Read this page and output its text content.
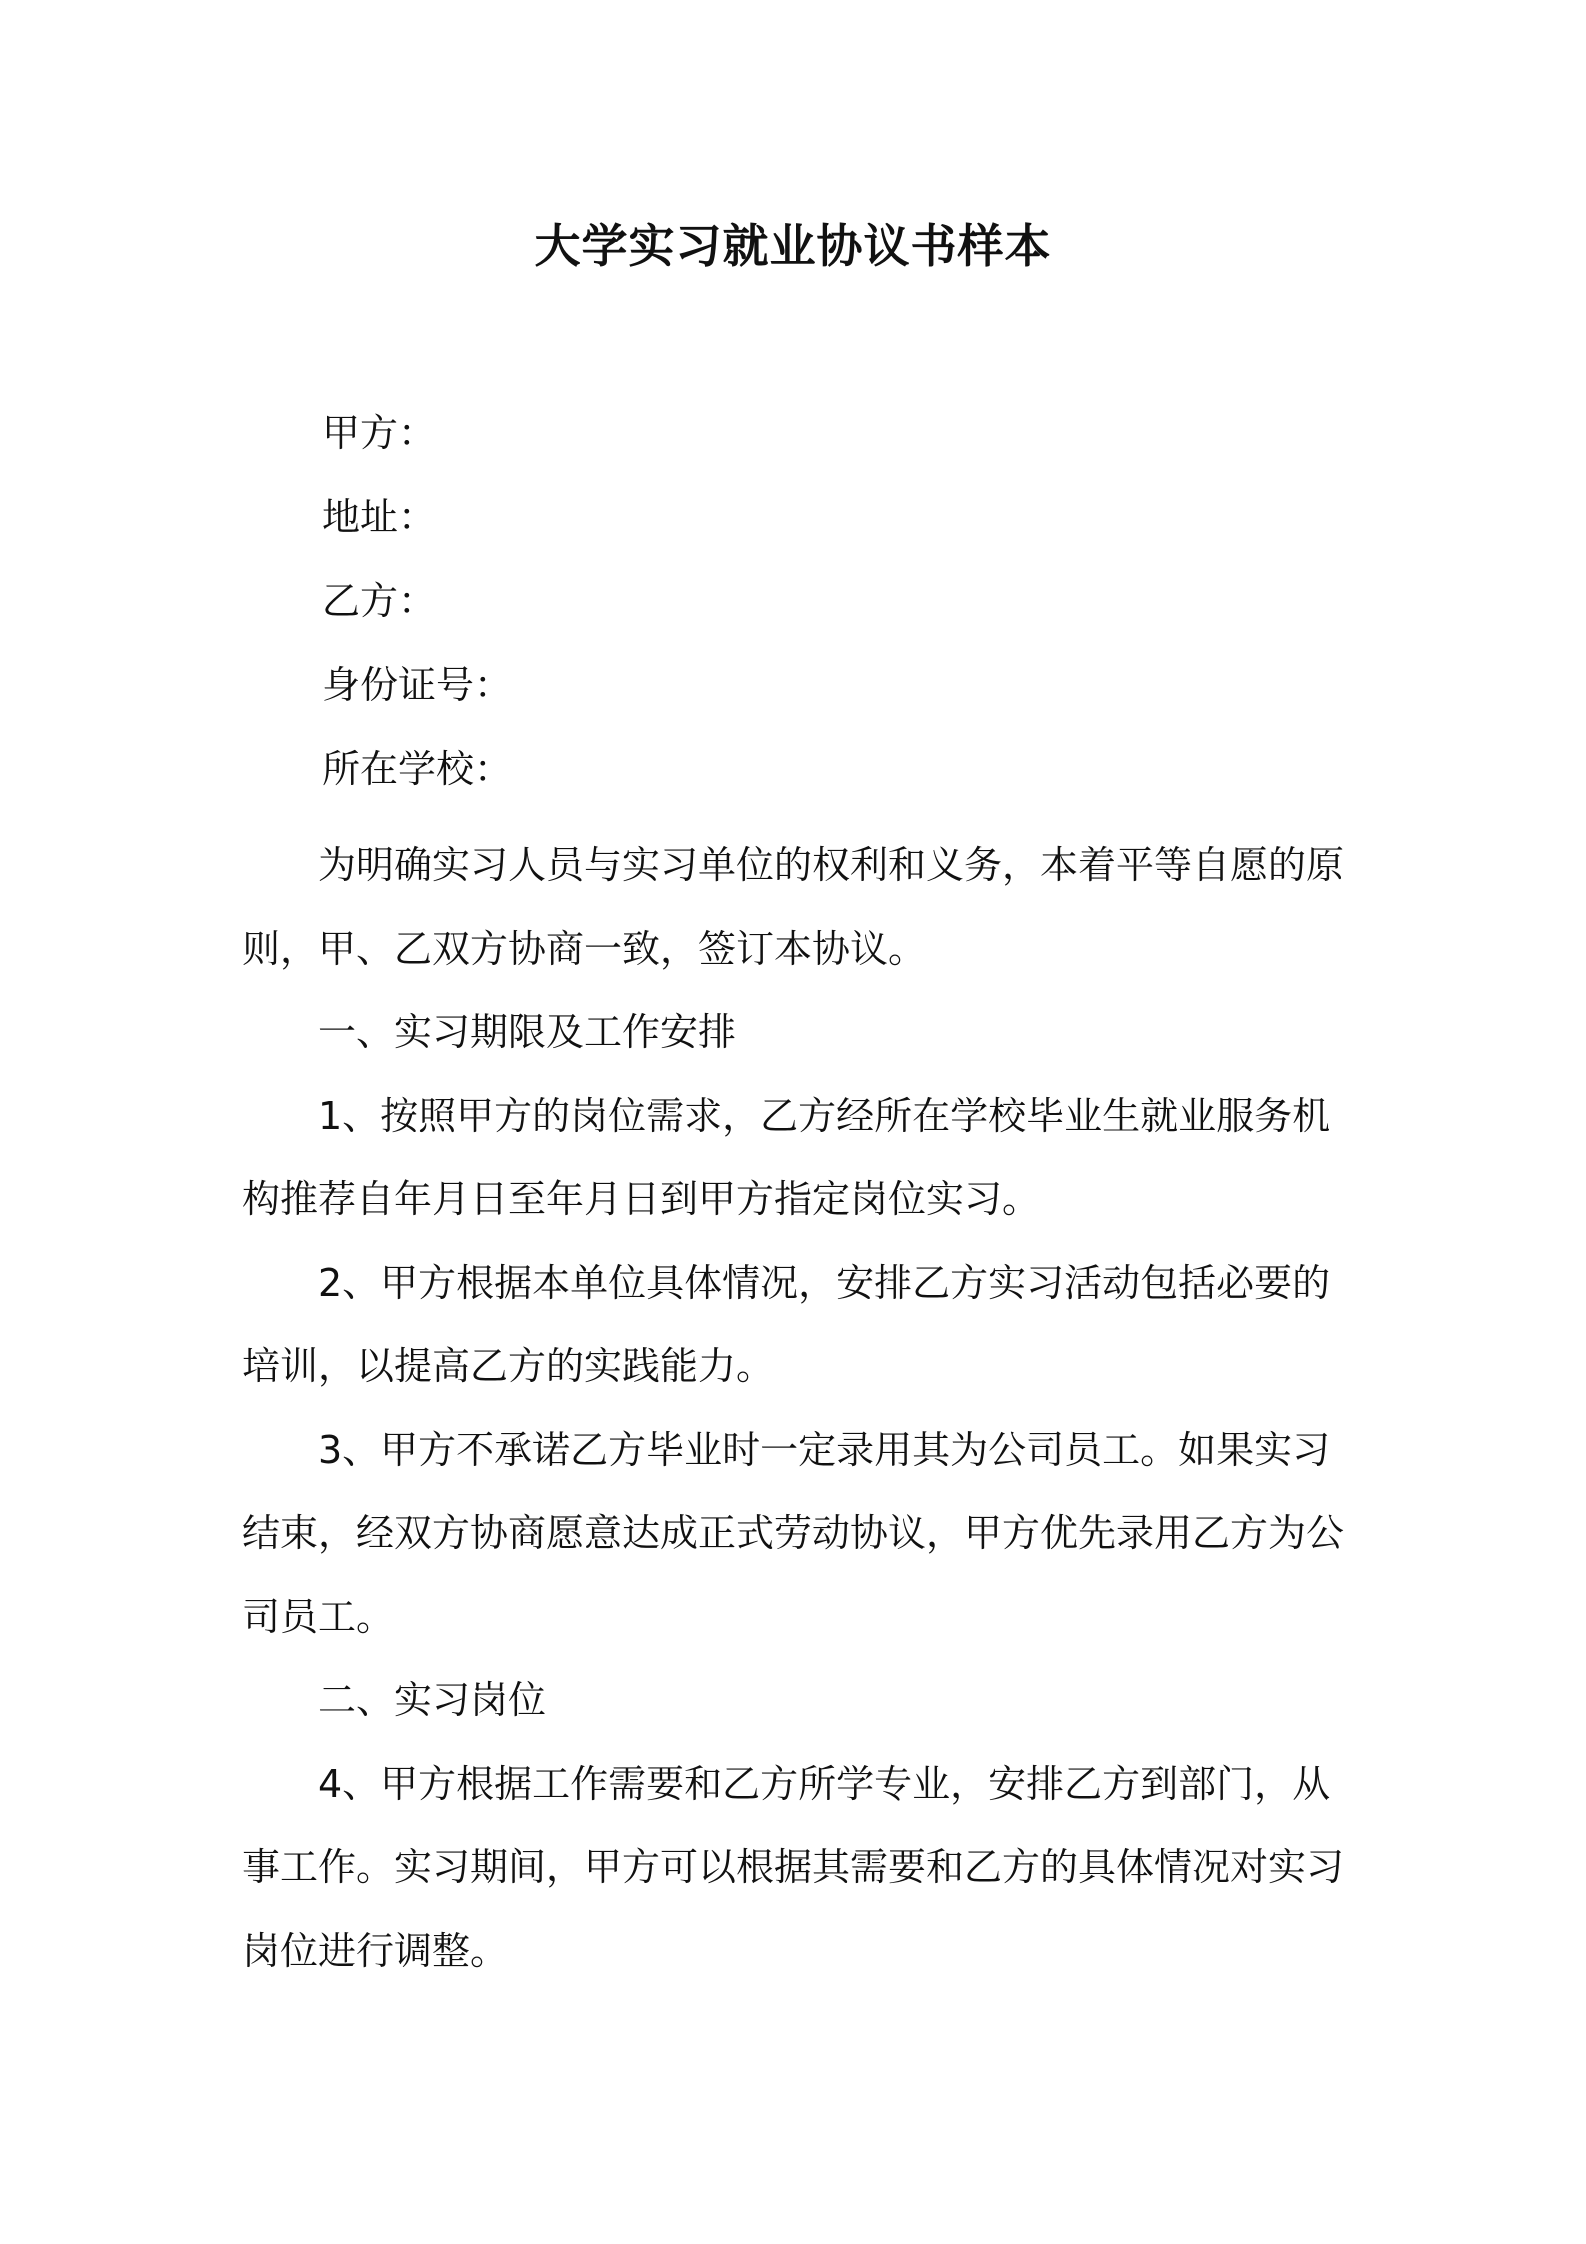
大学实习就业协议书样本
甲方：
地址：
乙方：
身份证号：
所在学校：

为明确实习人员与实习单位的权利和义务，本着平等自愿的原则，甲、乙双方协商一致，签订本协议。

一、实习期限及工作安排

1、按照甲方的岗位需求，乙方经所在学校毕业生就业服务机构推荐自年月日至年月日到甲方指定岗位实习。

2、甲方根据本单位具体情况，安排乙方实习活动包括必要的培训，以提高乙方的实践能力。

3、甲方不承诺乙方毕业时一定录用其为公司员工。如果实习结束，经双方协商愿意达成正式劳动协议，甲方优先录用乙方为公司员工。

二、实习岗位

4、甲方根据工作需要和乙方所学专业，安排乙方到部门，从事工作。实习期间，甲方可以根据其需要和乙方的具体情况对实习岗位进行调整。
